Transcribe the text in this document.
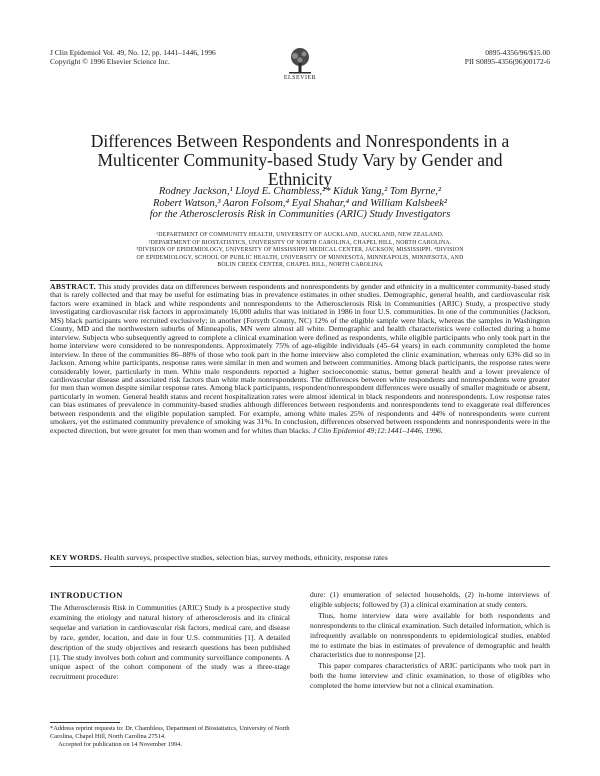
J Clin Epidemiol Vol. 49, No. 12, pp. 1441–1446, 1996
Copyright © 1996 Elsevier Science Inc.
ELSEVIER
0895-4356/96/$15.00
PII S0895-4356(96)00172-6
Differences Between Respondents and Nonrespondents in a Multicenter Community-based Study Vary by Gender and Ethnicity
Rodney Jackson,¹ Lloyd E. Chambless,²* Kiduk Yang,² Tom Byrne,²
Robert Watson,³ Aaron Folsom,⁴ Eyal Shahar,⁴ and William Kalsbeek²
for the Atherosclerosis Risk in Communities (ARIC) Study Investigators
¹DEPARTMENT OF COMMUNITY HEALTH, UNIVERSITY OF AUCKLAND, AUCKLAND, NEW ZEALAND.
²DEPARTMENT OF BIOSTATISTICS, UNIVERSITY OF NORTH CAROLINA, CHAPEL HILL, NORTH CAROLINA.
³DIVISION OF EPIDEMIOLOGY, UNIVERSITY OF MISSISSIPPI MEDICAL CENTER, JACKSON, MISSISSIPPI. ⁴DIVISION
OF EPIDEMIOLOGY, SCHOOL OF PUBLIC HEALTH, UNIVERSITY OF MINNESOTA, MINNEAPOLIS, MINNESOTA, AND
BOLIN CREEK CENTER, CHAPEL HILL, NORTH CAROLINA
ABSTRACT. This study provides data on differences between respondents and nonrespondents by gender and ethnicity in a multicenter community-based study that is rarely collected and that may be useful for estimating bias in prevalence estimates in other studies. Demographic, general health, and cardiovascular risk factors were examined in black and white respondents and nonrespondents to the Atherosclerosis Risk in Communities (ARIC) Study, a prospective study investigating cardiovascular risk factors in approximately 16,000 adults that was initiated in 1986 in four U.S. communities. In one of the communities (Jackson, MS) black participants were recruited exclusively; in another (Forsyth County, NC) 12% of the eligible sample were black, whereas the samples in Washington County, MD and the northwestern suburbs of Minneapolis, MN were almost all white. Demographic and health characteristics were collected during a home interview. Subjects who subsequently agreed to complete a clinical examination were defined as respondents, while eligible participants who only took part in the home interview were considered to be nonrespondents. Approximately 75% of age-eligible individuals (45–64 years) in each community completed the home interview. In three of the communities 86–88% of those who took part in the home interview also completed the clinic examination, whereas only 63% did so in Jackson. Among white participants, response rates were similar in men and women and between communities. Among black participants, the response rates were considerably lower, particularly in men. White male respondents reported a higher socioeconomic status, better general health and a lower prevalence of cardiovascular disease and associated risk factors than white male nonrespondents. The differences between white respondents and nonrespondents were greater for men than women despite similar response rates. Among black participants, respondent/nonrespondent differences were usually of smaller magnitude or absent, particularly in women. General health status and recent hospitalization rates were almost identical in black respondents and nonrespondents. Low response rates can bias estimates of prevalence in community-based studies although differences between respondents and nonrespondents tend to exaggerate real differences between respondents and the eligible population sampled. For example, among white males 25% of respondents and 44% of nonrespondents were current smokers, yet the estimated community prevalence of smoking was 31%. In conclusion, differences observed between respondents and nonrespondents were in the expected direction, but were greater for men than women and for whites than blacks. J Clin Epidemiol 49;12:1441–1446, 1996.
KEY WORDS. Health surveys, prospective studies, selection bias, survey methods, ethnicity, response rates
INTRODUCTION

The Atherosclerosis Risk in Communities (ARIC) Study is a prospective study examining the etiology and natural history of atherosclerosis and its clinical sequelae and variation in cardiovascular risk factors, medical care, and disease by race, gender, location, and date in four U.S. communities [1]. A detailed description of the study objectives and research questions has been published [1]. The study involves both cohort and community surveillance components. A unique aspect of the cohort component of the study was a three-stage recruitment procedure:

dure: (1) enumeration of selected households, (2) in-home interviews of eligible subjects; followed by (3) a clinical examination at study centers.

Thus, home interview data were available for both respondents and nonrespondents to the clinical examination. Such detailed information, which is infrequently available on nonrespondents to epidemiological studies, enabled me to estimate the bias in estimates of prevalence of demographic and health characteristics due to nonresponse [2].

This paper compares characteristics of ARIC participants who took part in both the home interview and clinic examination, to those of eligibles who completed the home interview but not a clinical examination.

*Address reprint requests to: Dr. Chambless, Department of Biostatistics, University of North Carolina, Chapel Hill, North Carolina 27514.

Accepted for publication on 14 November 1994.
